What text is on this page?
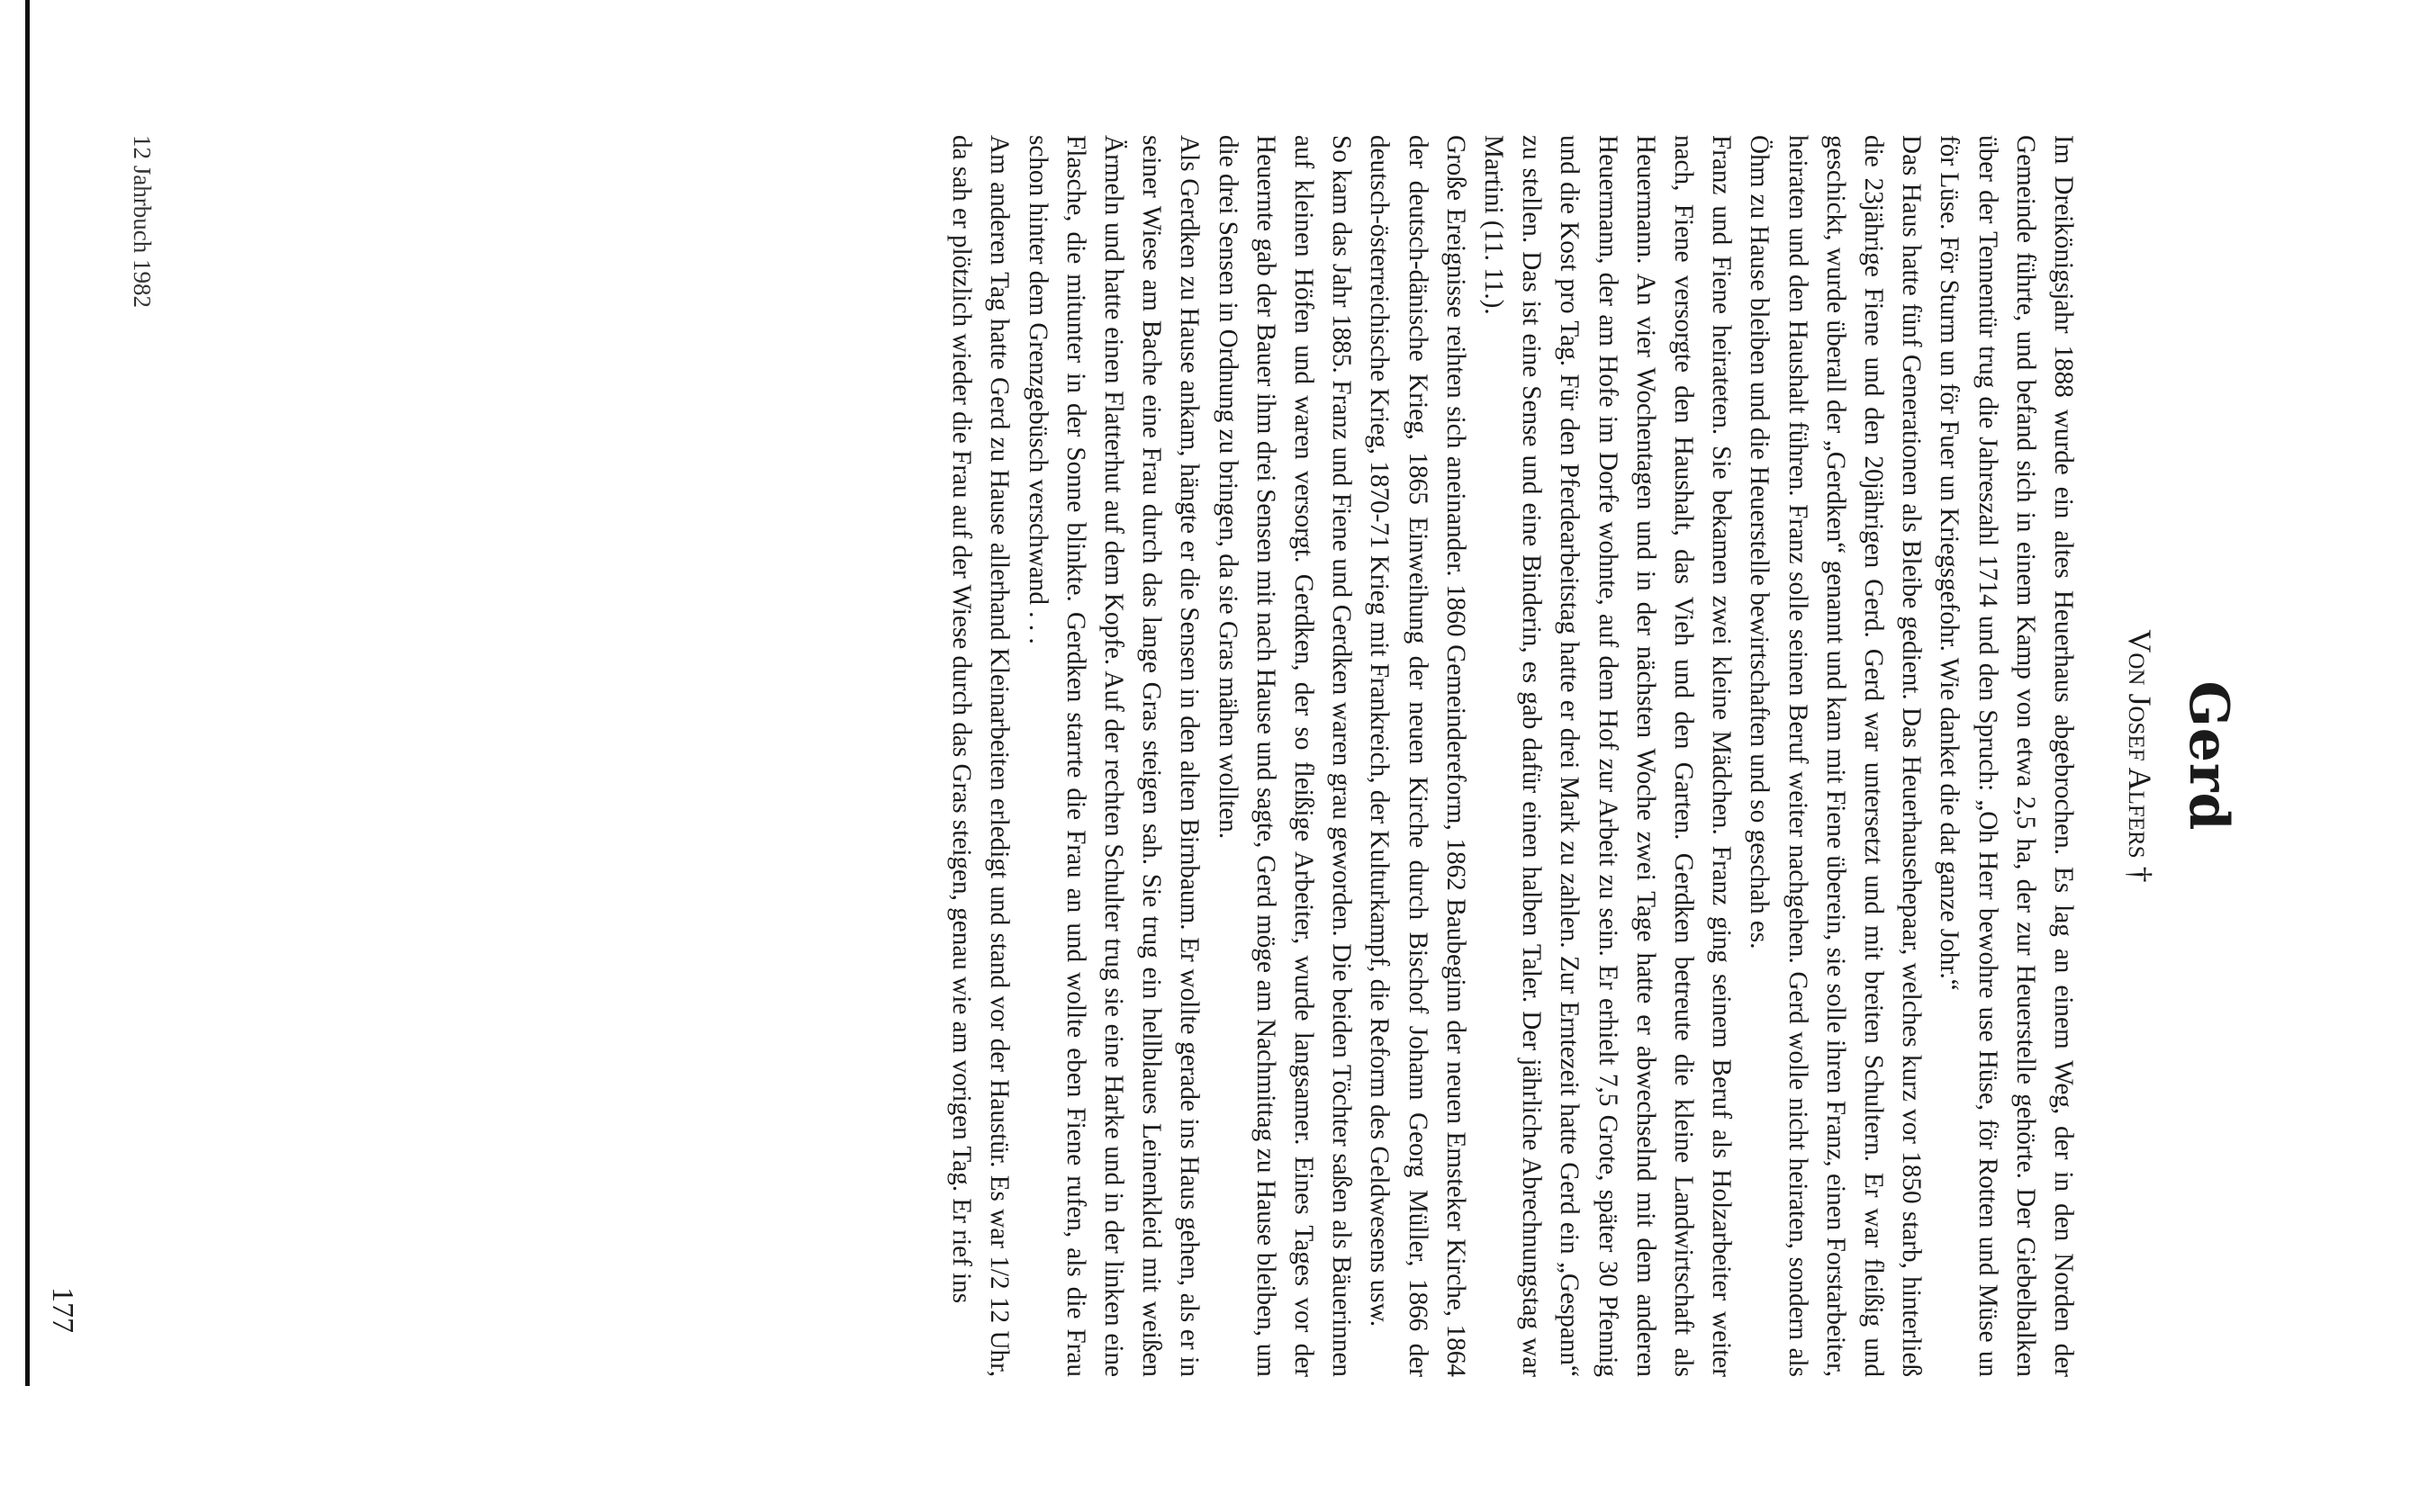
Gerd
Von Josef Alfers †

Im Dreikönigsjahr 1888 wurde ein altes Heuerhaus abgebrochen. Es lag an einem Weg, der in den Norden der Gemeinde führte, und befand sich in einem Kamp von etwa 2,5 ha, der zur Heuerstelle gehörte. Der Giebelbalken über der Tennentür trug die Jahreszahl 1714 und den Spruch: „Oh Herr bewohre use Hüse, för Rotten und Müse un för Lüse. För Sturm un för Fuer un Kriegsgefohr. Wie danket die dat ganze Johr.“

Das Haus hatte fünf Generationen als Bleibe gedient. Das Heuerhausehepaar, welches kurz vor 1850 starb, hinterließ die 23jährige Fiene und den 20jährigen Gerd. Gerd war untersetzt und mit breiten Schultern. Er war fleißig und geschickt, wurde überall der „Gerdken“ genannt und kam mit Fiene überein, sie solle ihren Franz, einen Forstarbeiter, heiraten und den Haushalt führen. Franz solle seinen Beruf weiter nachgehen. Gerd wolle nicht heiraten, sondern als Öhm zu Hause bleiben und die Heuerstelle bewirtschaften und so geschah es.

Franz und Fiene heirateten. Sie bekamen zwei kleine Mädchen. Franz ging seinem Beruf als Holzarbeiter weiter nach, Fiene versorgte den Haushalt, das Vieh und den Garten. Gerdken betreute die kleine Landwirtschaft als Heuermann. An vier Wochentagen und in der nächsten Woche zwei Tage hatte er abwechselnd mit dem anderen Heuermann, der am Hofe im Dorfe wohnte, auf dem Hof zur Arbeit zu sein. Er erhielt 7,5 Grote, später 30 Pfennig und die Kost pro Tag. Für den Pferdearbeitstag hatte er drei Mark zu zahlen. Zur Erntezeit hatte Gerd ein „Gespann“ zu stellen. Das ist eine Sense und eine Binderin, es gab dafür einen halben Taler. Der jährliche Abrechnungstag war Martini (11. 11.).

Große Ereignisse reihten sich aneinander. 1860 Gemeindereform, 1862 Baubeginn der neuen Emsteker Kirche, 1864 der deutsch-dänische Krieg, 1865 Einweihung der neuen Kirche durch Bischof Johann Georg Müller, 1866 der deutsch-österreichische Krieg, 1870-71 Krieg mit Frankreich, der Kulturkampf, die Reform des Geldwesens usw.

So kam das Jahr 1885. Franz und Fiene und Gerdken waren grau geworden. Die beiden Töchter saßen als Bäuerinnen auf kleinen Höfen und waren versorgt. Gerdken, der so fleißige Arbeiter, wurde langsamer. Eines Tages vor der Heuernte gab der Bauer ihm drei Sensen mit nach Hause und sagte, Gerd möge am Nachmittag zu Hause bleiben, um die drei Sensen in Ordnung zu bringen, da sie Gras mähen wollten.

Als Gerdken zu Hause ankam, hängte er die Sensen in den alten Birnbaum. Er wollte gerade ins Haus gehen, als er in seiner Wiese am Bache eine Frau durch das lange Gras steigen sah. Sie trug ein hellblaues Leinenkleid mit weißen Ärmeln und hatte einen Flatterhut auf dem Kopfe. Auf der rechten Schulter trug sie eine Harke und in der linken eine Flasche, die mitunter in der Sonne blinkte. Gerdken starrte die Frau an und wollte eben Fiene rufen, als die Frau schon hinter dem Grenzgebüsch verschwand . . .

Am anderen Tag hatte Gerd zu Hause allerhand Kleinarbeiten erledigt und stand vor der Haustür. Es war 1/2 12 Uhr, da sah er plötzlich wieder die Frau auf der Wiese durch das Gras steigen, genau wie am vorigen Tag. Er rief ins

12 Jahrbuch 1982
177
